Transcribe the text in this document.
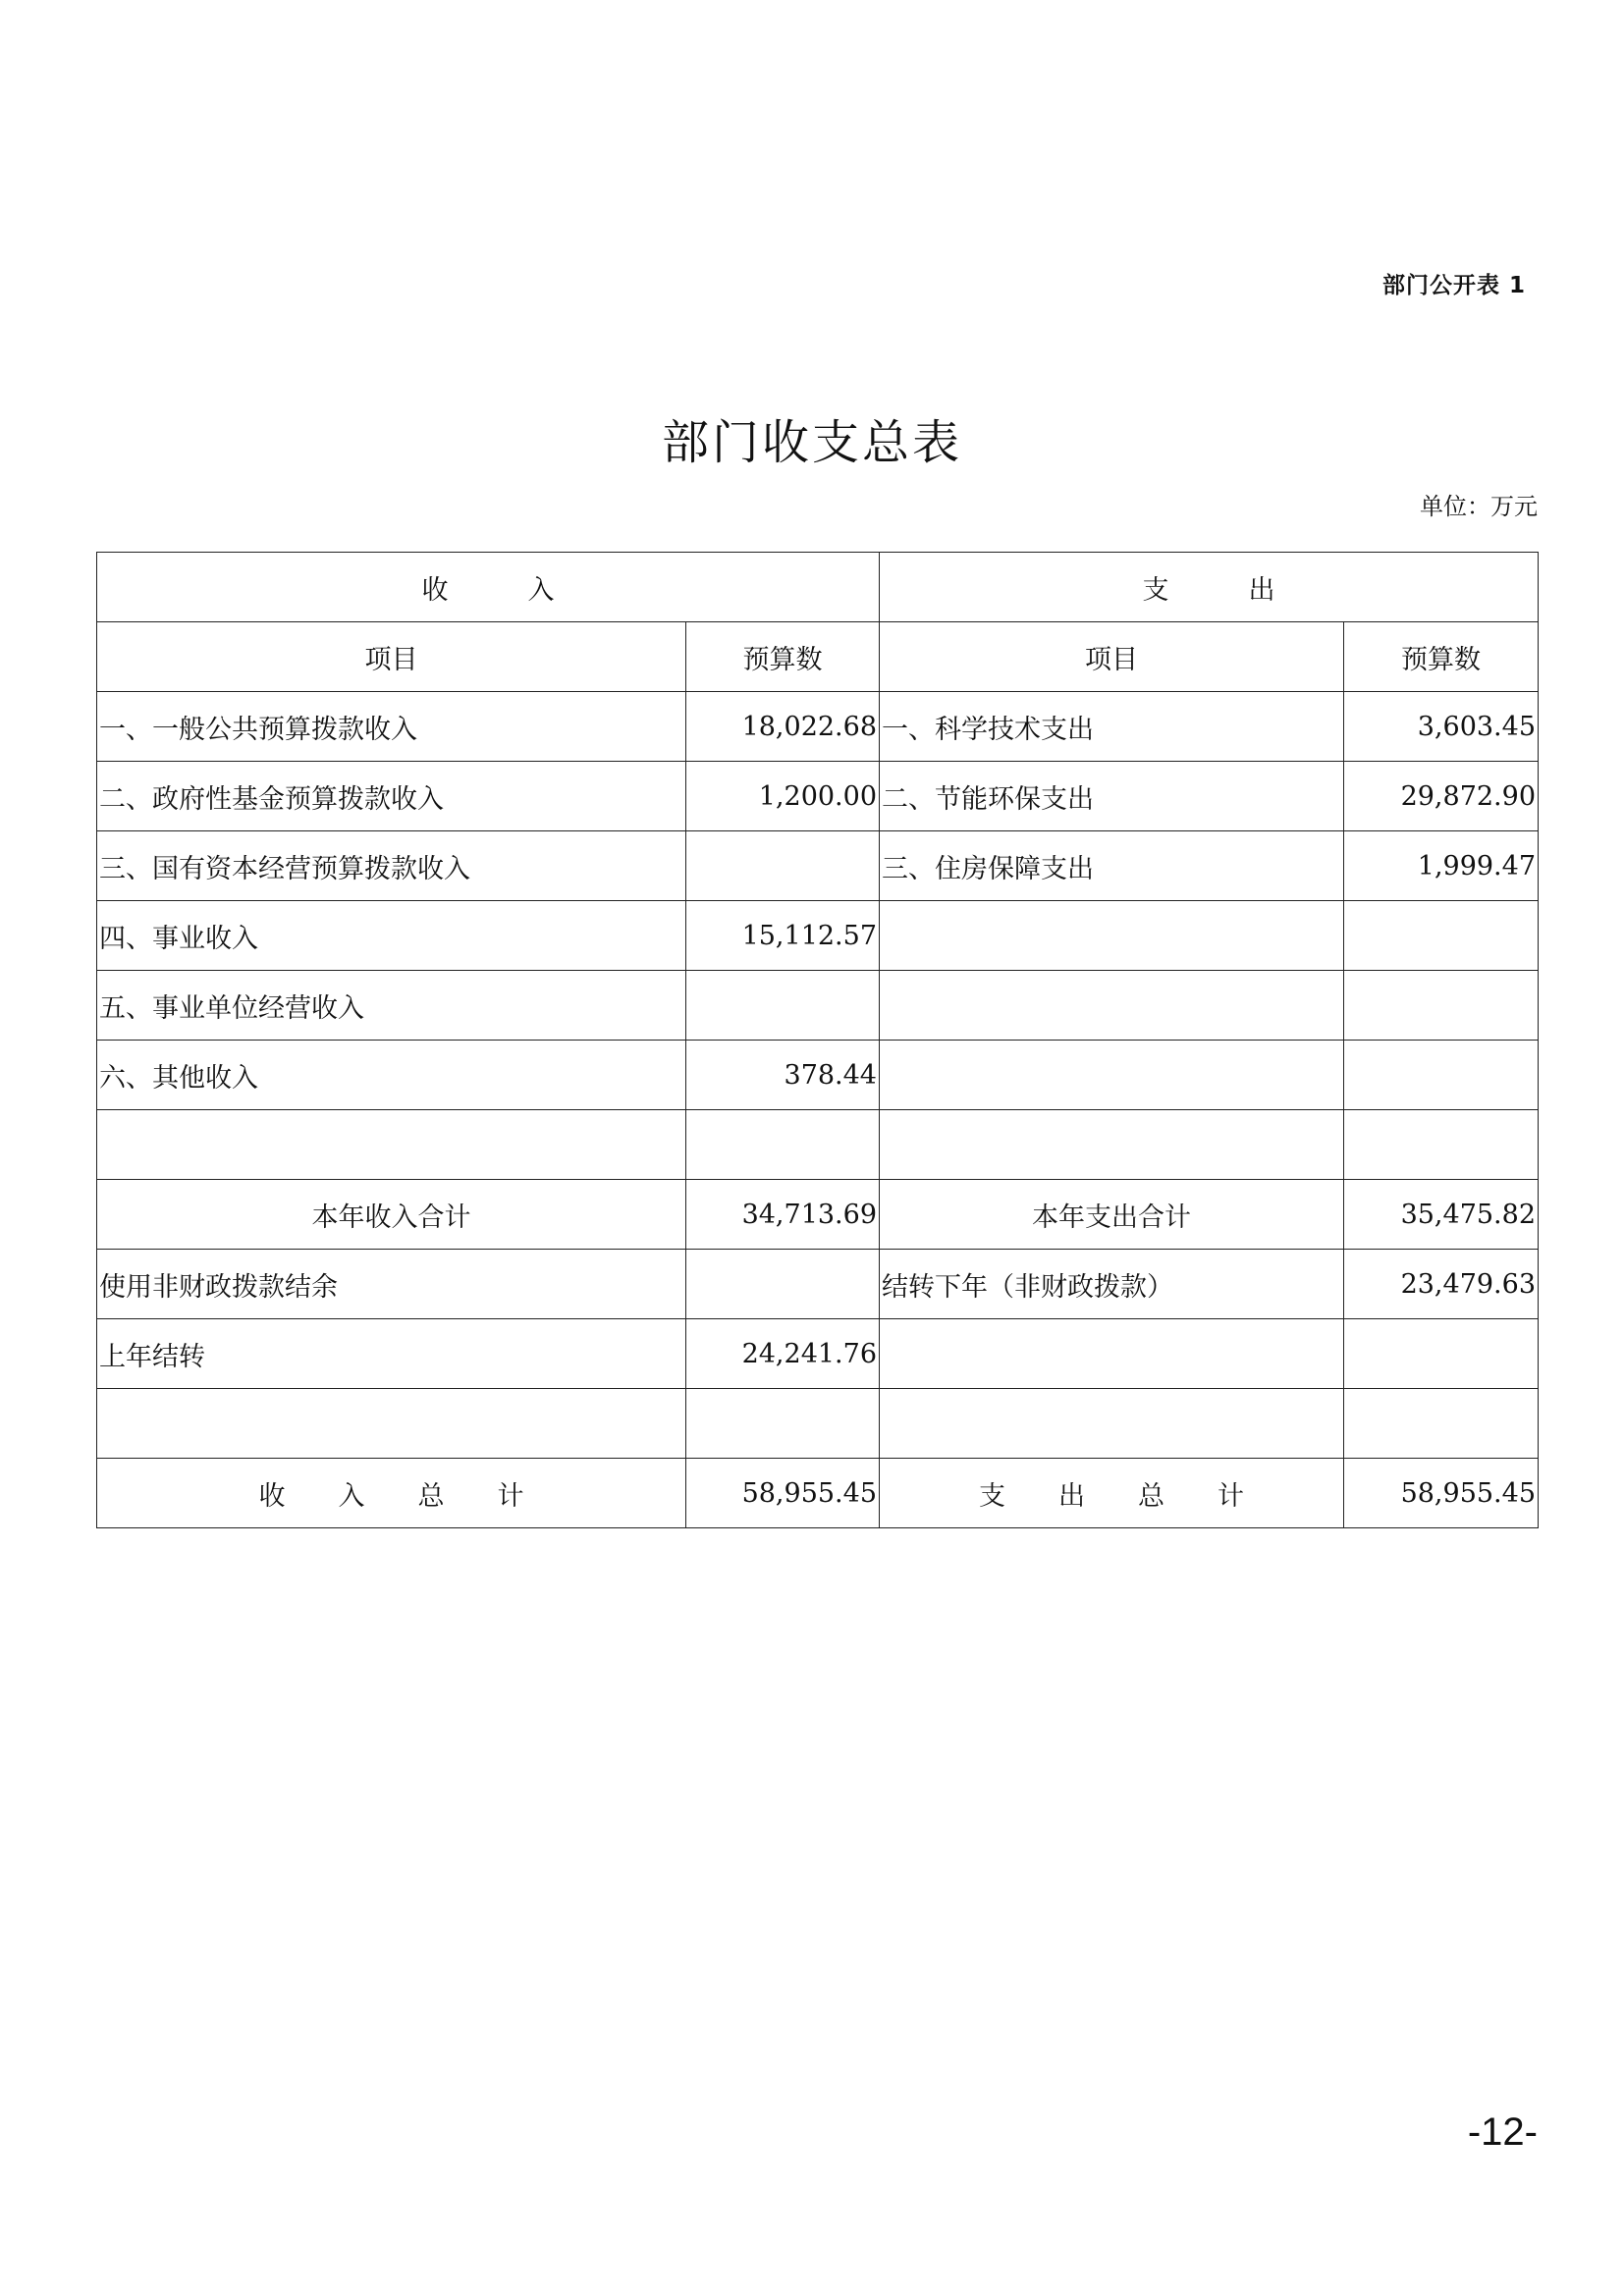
部门公开表 1
部门收支总表
单位：万元
收　　　入		支　　　出	
项目	预算数	项目	预算数
一、一般公共预算拨款收入	18,022.68	一、科学技术支出	3,603.45
二、政府性基金预算拨款收入	1,200.00	二、节能环保支出	29,872.90
三、国有资本经营预算拨款收入		三、住房保障支出	1,999.47
四、事业收入	15,112.57		
五、事业单位经营收入			
六、其他收入	378.44		

本年收入合计	34,713.69	本年支出合计	35,475.82
使用非财政拨款结余		结转下年（非财政拨款）	23,479.63
上年结转	24,241.76		

收　　入　　总　　计	58,955.45	支　　出　　总　　计	58,955.45
-12-
